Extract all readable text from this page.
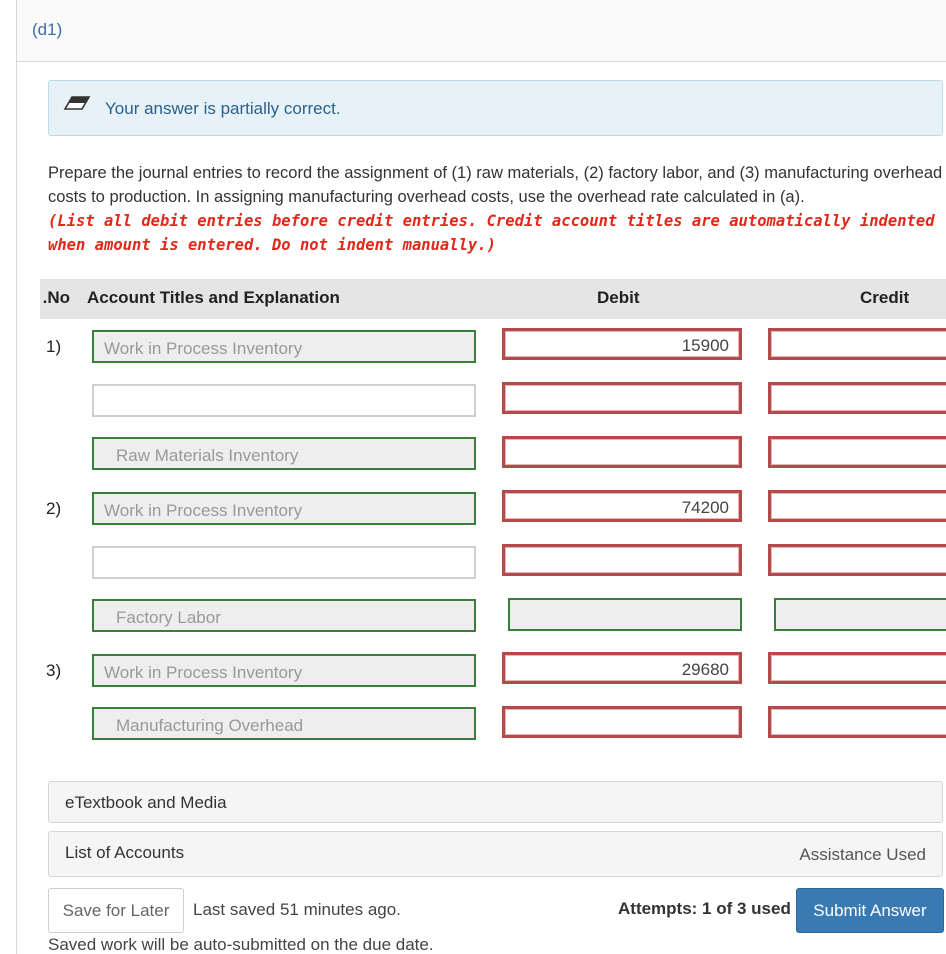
(d1)
Your answer is partially correct.
Prepare the journal entries to record the assignment of (1) raw materials, (2) factory labor, and (3) manufacturing overhead costs to production. In assigning manufacturing overhead costs, use the overhead rate calculated in (a).
(List all debit entries before credit entries. Credit account titles are automatically indented when amount is entered. Do not indent manually.)
No. Account Titles and Explanation	Debit	Credit
1)	Work in Process Inventory	15900
Raw Materials Inventory
2)	Work in Process Inventory	74200
Factory Labor
3)	Work in Process Inventory	29680
Manufacturing Overhead
eTextbook and Media
List of Accounts	Assistance Used
Save for Later	Last saved 51 minutes ago.
Saved work will be auto-submitted on the due date.
Attempts: 1 of 3 used	Submit Answer
